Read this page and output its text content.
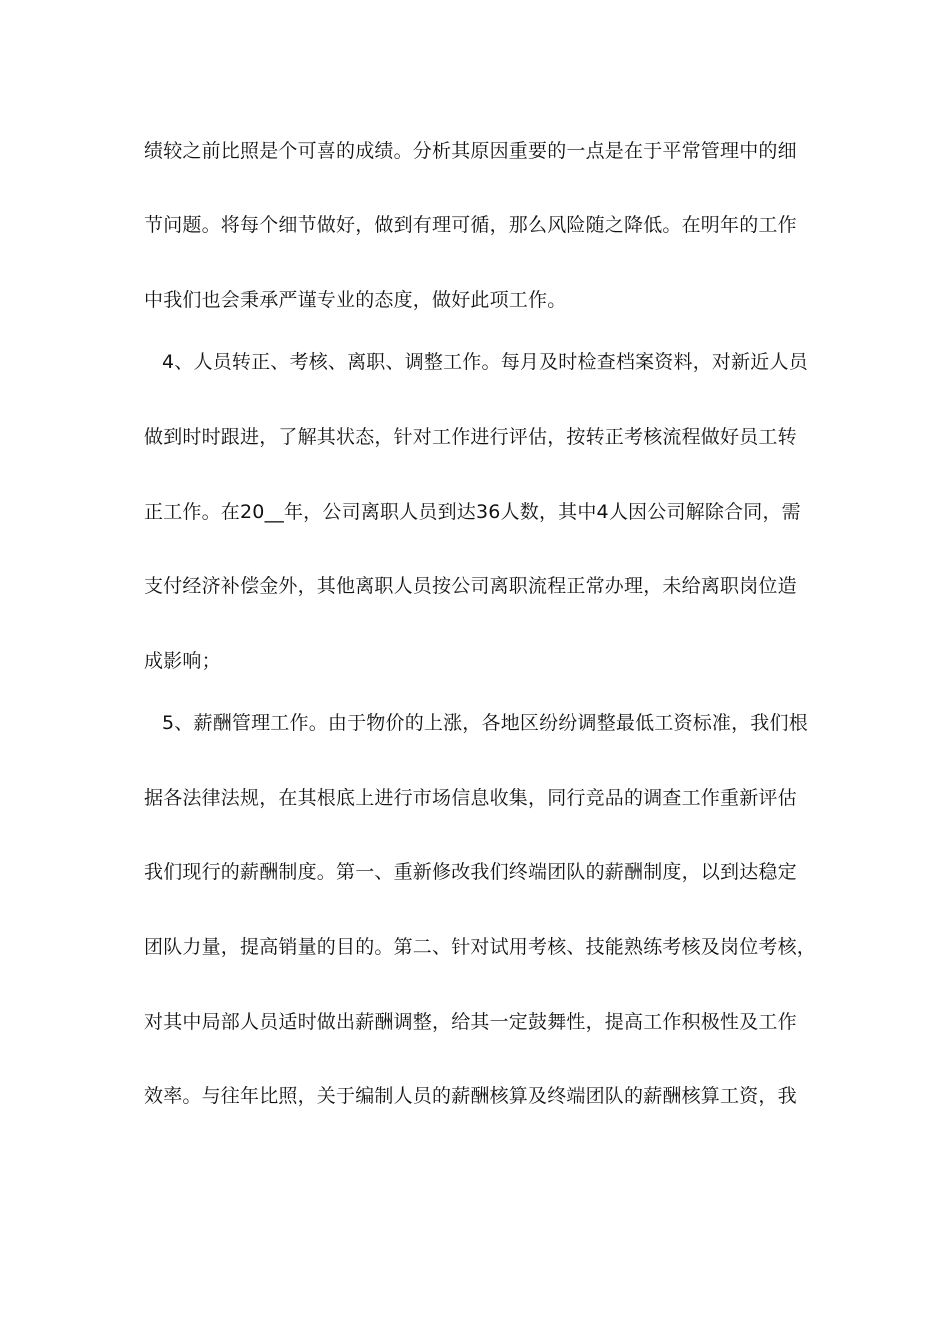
绩较之前比照是个可喜的成绩。分析其原因重要的一点是在于平常管理中的细
节问题。将每个细节做好，做到有理可循，那么风险随之降低。在明年的工作
中我们也会秉承严谨专业的态度，做好此项工作。
4、人员转正、考核、离职、调整工作。每月及时检查档案资料，对新近人员
做到时时跟进，了解其状态，针对工作进行评估，按转正考核流程做好员工转
正工作。在20__年，公司离职人员到达36人数，其中4人因公司解除合同，需
支付经济补偿金外，其他离职人员按公司离职流程正常办理，未给离职岗位造
成影响；
5、薪酬管理工作。由于物价的上涨，各地区纷纷调整最低工资标准，我们根
据各法律法规，在其根底上进行市场信息收集，同行竞品的调查工作重新评估
我们现行的薪酬制度。第一、重新修改我们终端团队的薪酬制度，以到达稳定
团队力量，提高销量的目的。第二、针对试用考核、技能熟练考核及岗位考核，
对其中局部人员适时做出薪酬调整，给其一定鼓舞性，提高工作积极性及工作
效率。与往年比照，关于编制人员的薪酬核算及终端团队的薪酬核算工资，我
